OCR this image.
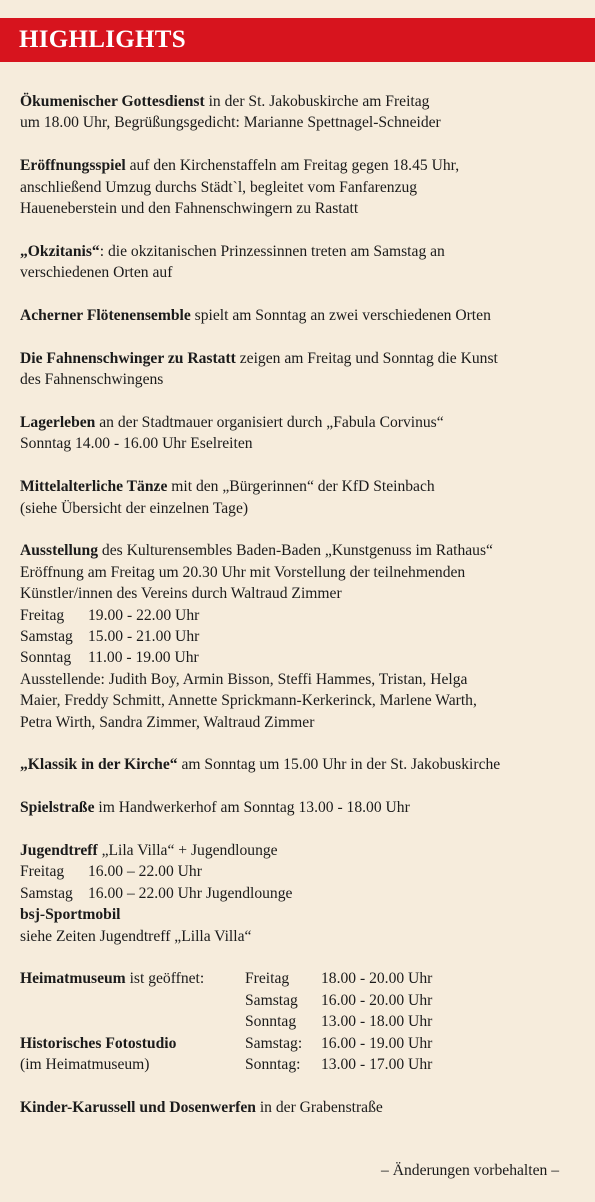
HIGHLIGHTS

Ökumenischer Gottesdienst in der St. Jakobuskirche am Freitag

um 18.00 Uhr, Begrüßungsgedicht: Marianne Spettnagel-Schneider

Eröffnungsspiel auf den Kirchenstaffeln am Freitag gegen 18.45 Uhr,

anschließend Umzug durchs Städt`l, begleitet vom Fanfarenzug

Haueneberstein und den Fahnenschwingern zu Rastatt

„Okzitanis“: die okzitanischen Prinzessinnen treten am Samstag an

verschiedenen Orten auf

Acherner Flötenensemble spielt am Sonntag an zwei verschiedenen Orten

Die Fahnenschwinger zu Rastatt zeigen am Freitag und Sonntag die Kunst

des Fahnenschwingens

Lagerleben an der Stadtmauer organisiert durch „Fabula Corvinus“

Sonntag 14.00 - 16.00 Uhr Eselreiten

Mittelalterliche Tänze mit den „Bürgerinnen“ der KfD Steinbach

(siehe Übersicht der einzelnen Tage)

Ausstellung des Kulturensembles Baden-Baden „Kunstgenuss im Rathaus“

Eröffnung am Freitag um 20.30 Uhr mit Vorstellung der teilnehmenden

Künstler/innen des Vereins durch Waltraud Zimmer

Freitag	19.00 - 22.00 Uhr
Samstag 15.00 - 21.00 Uhr
Sonntag	11.00 - 19.00 Uhr

Ausstellende: Judith Boy, Armin Bisson, Steffi Hammes, Tristan, Helga

Maier, Freddy Schmitt, Annette Sprickmann-Kerkerinck, Marlene Warth,

Petra Wirth, Sandra Zimmer, Waltraud Zimmer

„Klassik in der Kirche“ am Sonntag um 15.00 Uhr in der St. Jakobuskirche

Spielstraße im Handwerkerhof am Sonntag 13.00 - 18.00 Uhr

Jugendtreff „Lila Villa“ + Jugendlounge

Freitag	16.00 – 22.00 Uhr
Samstag 16.00 – 22.00 Uhr Jugendlounge

bsj-Sportmobil

siehe Zeiten Jugendtreff „Lilla Villa“

Heimatmuseum ist geöffnet:	Freitag	18.00 - 20.00 Uhr
Samstag	16.00 - 20.00 Uhr
Sonntag	13.00 - 18.00 Uhr
Historisches Fotostudio	Samstag:	16.00 - 19.00 Uhr
(im Heimatmuseum)	Sonntag:	13.00 - 17.00 Uhr

Kinder-Karussell und Dosenwerfen in der Grabenstraße

– Änderungen vorbehalten –
